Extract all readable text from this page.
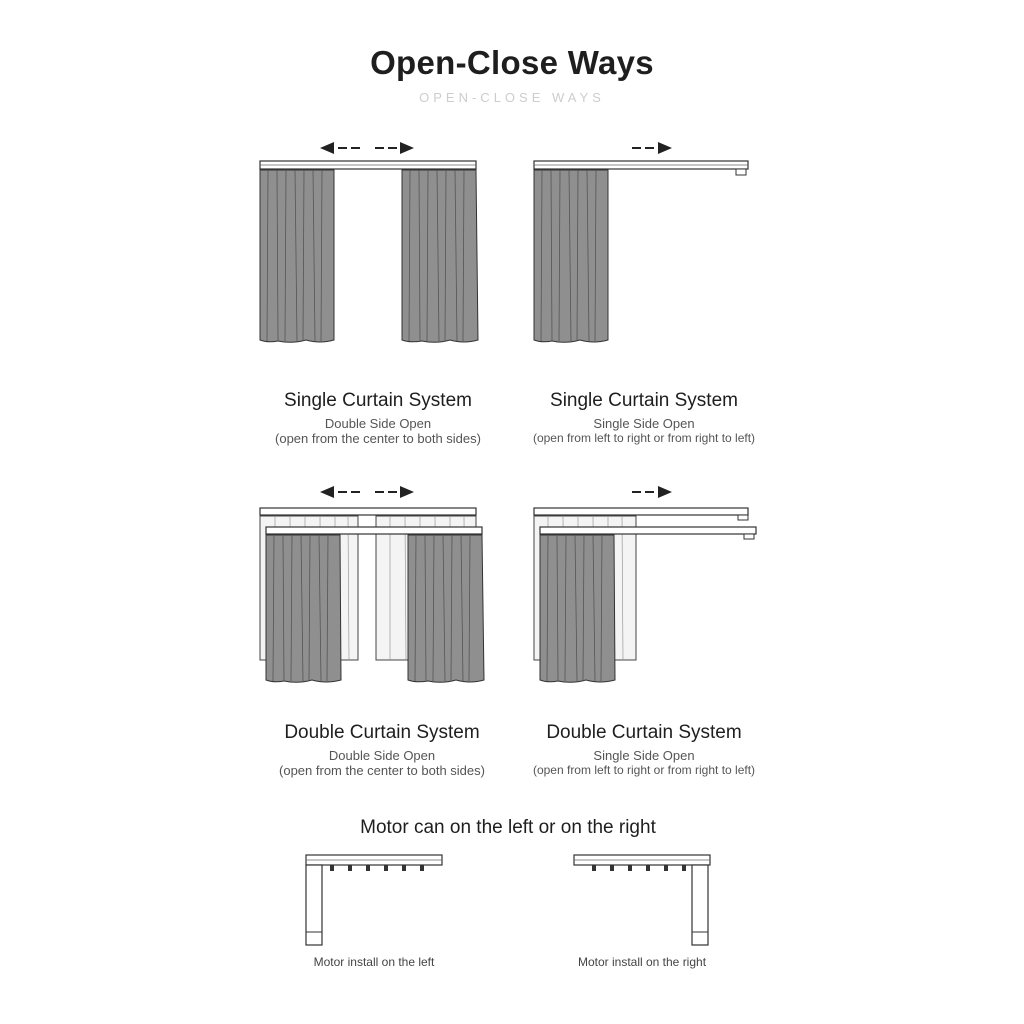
Open-Close Ways
OPEN-CLOSE WAYS
Single Curtain System
Double Side Open
(open from the center to both sides)
Single Curtain System
Single Side Open
(open from left to right or from right to left)
Double Curtain System
Double Side Open
(open from the center to both sides)
Double Curtain System
Single Side Open
(open from left to right or from right to left)
Motor can on the left or on the right
Motor install on the left	Motor install on the right
